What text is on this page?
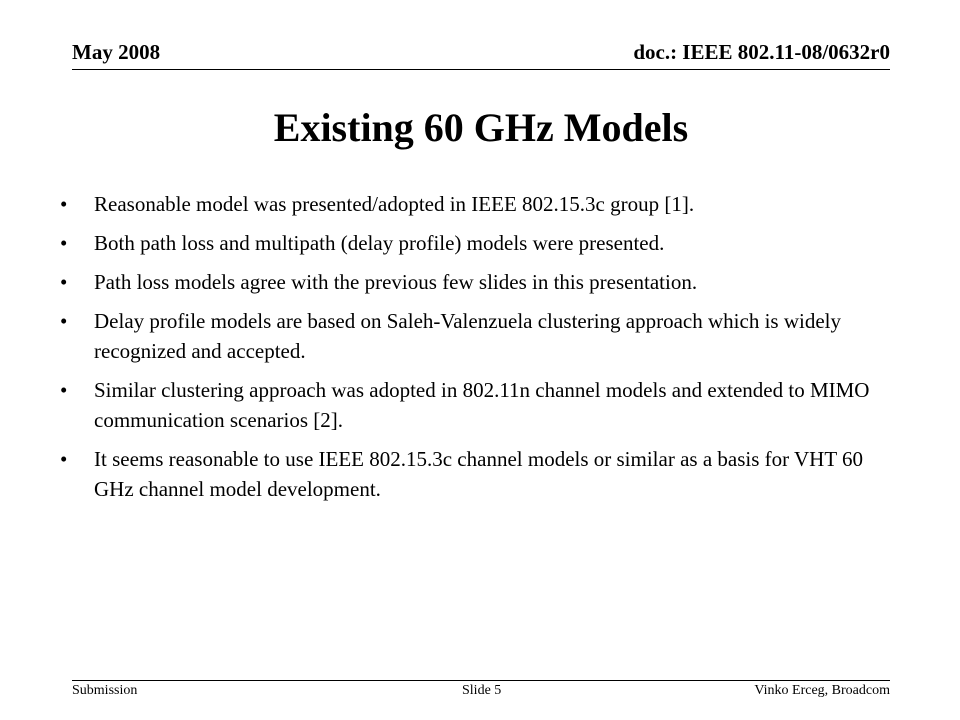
May 2008	doc.: IEEE 802.11-08/0632r0
Existing 60 GHz Models
•	Reasonable model was presented/adopted in IEEE 802.15.3c group [1].
•	Both path loss and multipath (delay profile) models were presented.
•	Path loss models agree with the previous few slides in this presentation.
•	Delay profile models are based on Saleh-Valenzuela clustering approach which is widely recognized and accepted.
•	Similar clustering approach was adopted in 802.11n channel models and extended to MIMO communication scenarios [2].
•	It seems reasonable to use IEEE 802.15.3c channel models or similar as a basis for VHT 60 GHz channel model development.
Submission	Slide 5	Vinko Erceg, Broadcom
